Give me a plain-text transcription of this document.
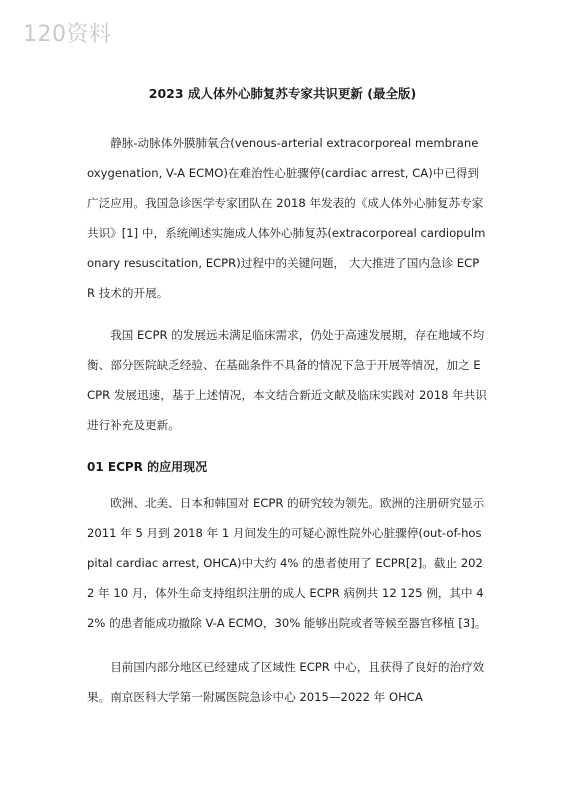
120资料
2023 成人体外心肺复苏专家共识更新 (最全版)

静脉-动脉体外膜肺氧合(venous-arterial extracorporeal membrane oxygenation, V-A ECMO)在难治性心脏骤停(cardiac arrest, CA)中已得到广泛应用。我国急诊医学专家团队在 2018 年发表的《成人体外心肺复苏专家共识》[1] 中，系统阐述实施成人体外心肺复苏(extracorporeal cardiopulmonary resuscitation, ECPR)过程中的关键问题， 大大推进了国内急诊 ECPR 技术的开展。

我国 ECPR 的发展远未满足临床需求，仍处于高速发展期，存在地域不均衡、部分医院缺乏经验、在基础条件不具备的情况下急于开展等情况，加之 ECPR 发展迅速，基于上述情况，本文结合新近文献及临床实践对 2018 年共识进行补充及更新。

01 ECPR 的应用现况

欧洲、北美、日本和韩国对 ECPR 的研究较为领先。欧洲的注册研究显示 2011 年 5 月到 2018 年 1 月间发生的可疑心源性院外心脏骤停(out-of-hospital cardiac arrest, OHCA)中大约 4% 的患者使用了 ECPR[2]。截止 2022 年 10 月，体外生命支持组织注册的成人 ECPR 病例共 12 125 例，其中 42% 的患者能成功撤除 V-A ECMO，30% 能够出院或者等候至器官移植 [3]。

目前国内部分地区已经建成了区域性 ECPR 中心，且获得了良好的治疗效果。南京医科大学第一附属医院急诊中心 2015—2022 年 OHCA
